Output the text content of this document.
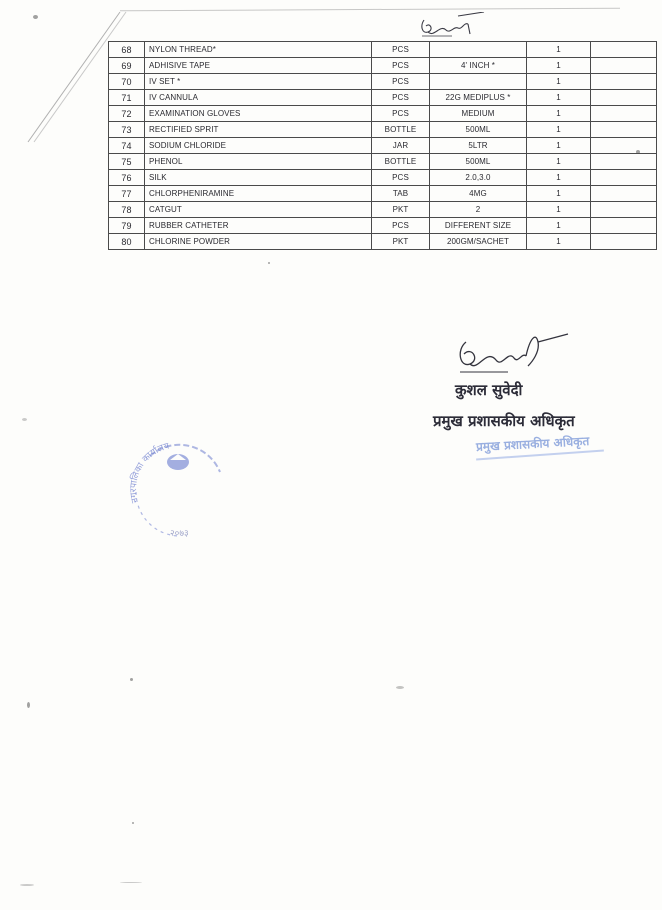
68	NYLON THREAD*	PCS		1	
69	ADHISIVE TAPE	PCS	4' INCH *	1	
70	IV SET *	PCS		1	
71	IV CANNULA	PCS	22G MEDIPLUS *	1	
72	EXAMINATION GLOVES	PCS	MEDIUM	1	
73	RECTIFIED SPRIT	BOTTLE	500ML	1	
74	SODIUM CHLORIDE	JAR	5LTR	1	
75	PHENOL	BOTTLE	500ML	1	
76	SILK	PCS	2.0,3.0	1	
77	CHLORPHENIRAMINE	TAB	4MG	1	
78	CATGUT	PKT	2	1	
79	RUBBER CATHETER	PCS	DIFFERENT SIZE	1	
80	CHLORINE POWDER	PKT	200GM/SACHET	1	
कुशल सुवेदी
प्रमुख प्रशासकीय अधिकृत
प्रमुख प्रशासकीय अधिकृत
नगरपालिका कार्यालय
२०७३
